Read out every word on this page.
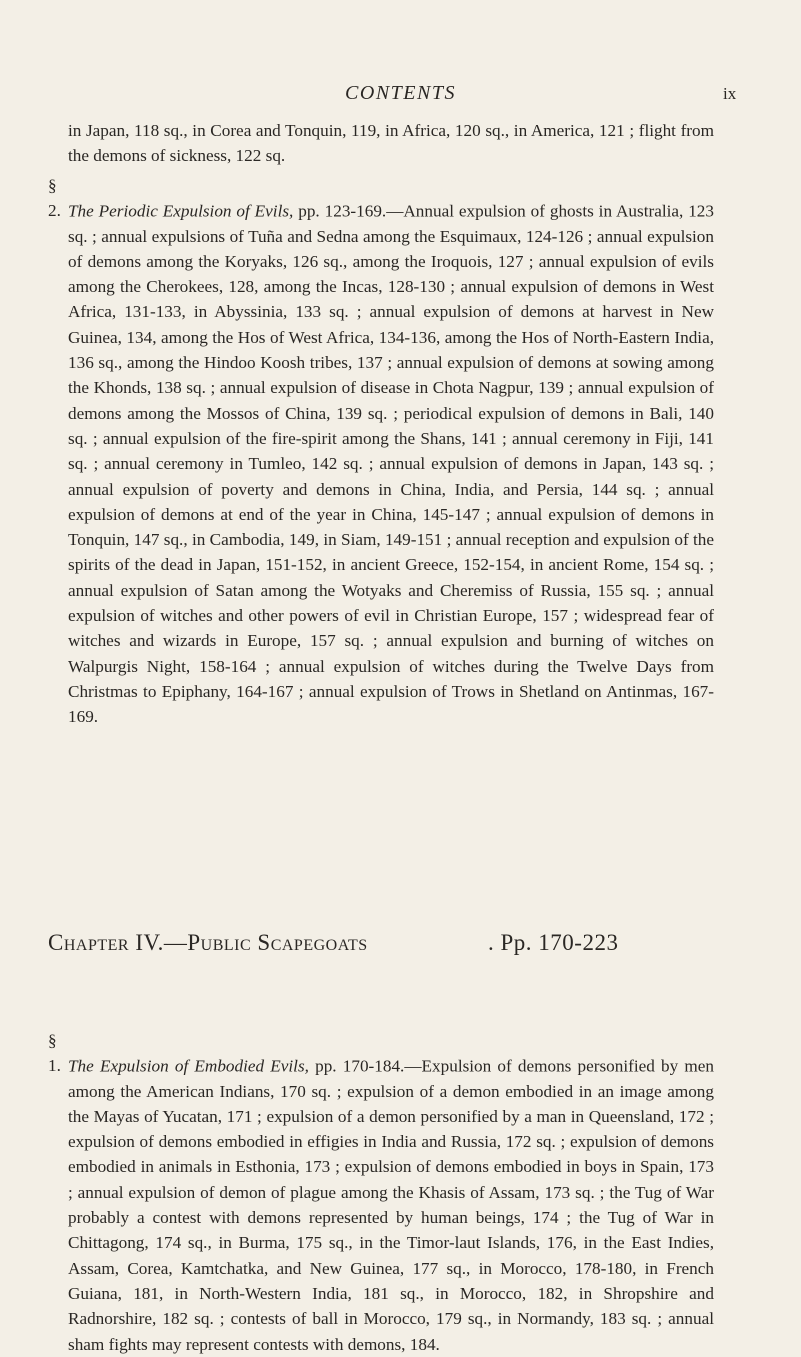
CONTENTS	ix

in Japan, 118 sq., in Corea and Tonquin, 119, in Africa, 120 sq., in America, 121 ; flight from the demons of sickness, 122 sq.

§ 2. The Periodic Expulsion of Evils, pp. 123-169.—Annual expulsion of ghosts in Australia, 123 sq. ; annual expulsions of Tuña and Sedna among the Esquimaux, 124-126 ; annual expulsion of demons among the Koryaks, 126 sq., among the Iroquois, 127 ; annual expulsion of evils among the Cherokees, 128, among the Incas, 128-130 ; annual expulsion of demons in West Africa, 131-133, in Abyssinia, 133 sq. ; annual expulsion of demons at harvest in New Guinea, 134, among the Hos of West Africa, 134-136, among the Hos of North-Eastern India, 136 sq., among the Hindoo Koosh tribes, 137 ; annual expulsion of demons at sowing among the Khonds, 138 sq. ; annual expulsion of disease in Chota Nagpur, 139 ; annual expulsion of demons among the Mossos of China, 139 sq. ; periodical expulsion of demons in Bali, 140 sq. ; annual expulsion of the fire-spirit among the Shans, 141 ; annual ceremony in Fiji, 141 sq. ; annual ceremony in Tumleo, 142 sq. ; annual expulsion of demons in Japan, 143 sq. ; annual expulsion of poverty and demons in China, India, and Persia, 144 sq. ; annual expulsion of demons at end of the year in China, 145-147 ; annual expulsion of demons in Tonquin, 147 sq., in Cambodia, 149, in Siam, 149-151 ; annual reception and expulsion of the spirits of the dead in Japan, 151-152, in ancient Greece, 152-154, in ancient Rome, 154 sq. ; annual expulsion of Satan among the Wotyaks and Cheremiss of Russia, 155 sq. ; annual expulsion of witches and other powers of evil in Christian Europe, 157 ; widespread fear of witches and wizards in Europe, 157 sq. ; annual expulsion and burning of witches on Walpurgis Night, 158-164 ; annual expulsion of witches during the Twelve Days from Christmas to Epiphany, 164-167 ; annual expulsion of Trows in Shetland on Antinmas, 167-169.

Chapter IV.—Public Scapegoats	. Pp. 170-223

§ 1. The Expulsion of Embodied Evils, pp. 170-184.—Expulsion of demons personified by men among the American Indians, 170 sq. ; expulsion of a demon embodied in an image among the Mayas of Yucatan, 171 ; expulsion of a demon personified by a man in Queensland, 172 ; expulsion of demons embodied in effigies in India and Russia, 172 sq. ; expulsion of demons embodied in animals in Esthonia, 173 ; expulsion of demons embodied in boys in Spain, 173 ; annual expulsion of demon of plague among the Khasis of Assam, 173 sq. ; the Tug of War probably a contest with demons represented by human beings, 174 ; the Tug of War in Chittagong, 174 sq., in Burma, 175 sq., in the Timor-laut Islands, 176, in the East Indies, Assam, Corea, Kamtchatka, and New Guinea, 177 sq., in Morocco, 178-180, in French Guiana, 181, in North-Western India, 181 sq., in Morocco, 182, in Shropshire and Radnorshire, 182 sq. ; contests of ball in Morocco, 179 sq., in Normandy, 183 sq. ; annual sham fights may represent contests with demons, 184.
